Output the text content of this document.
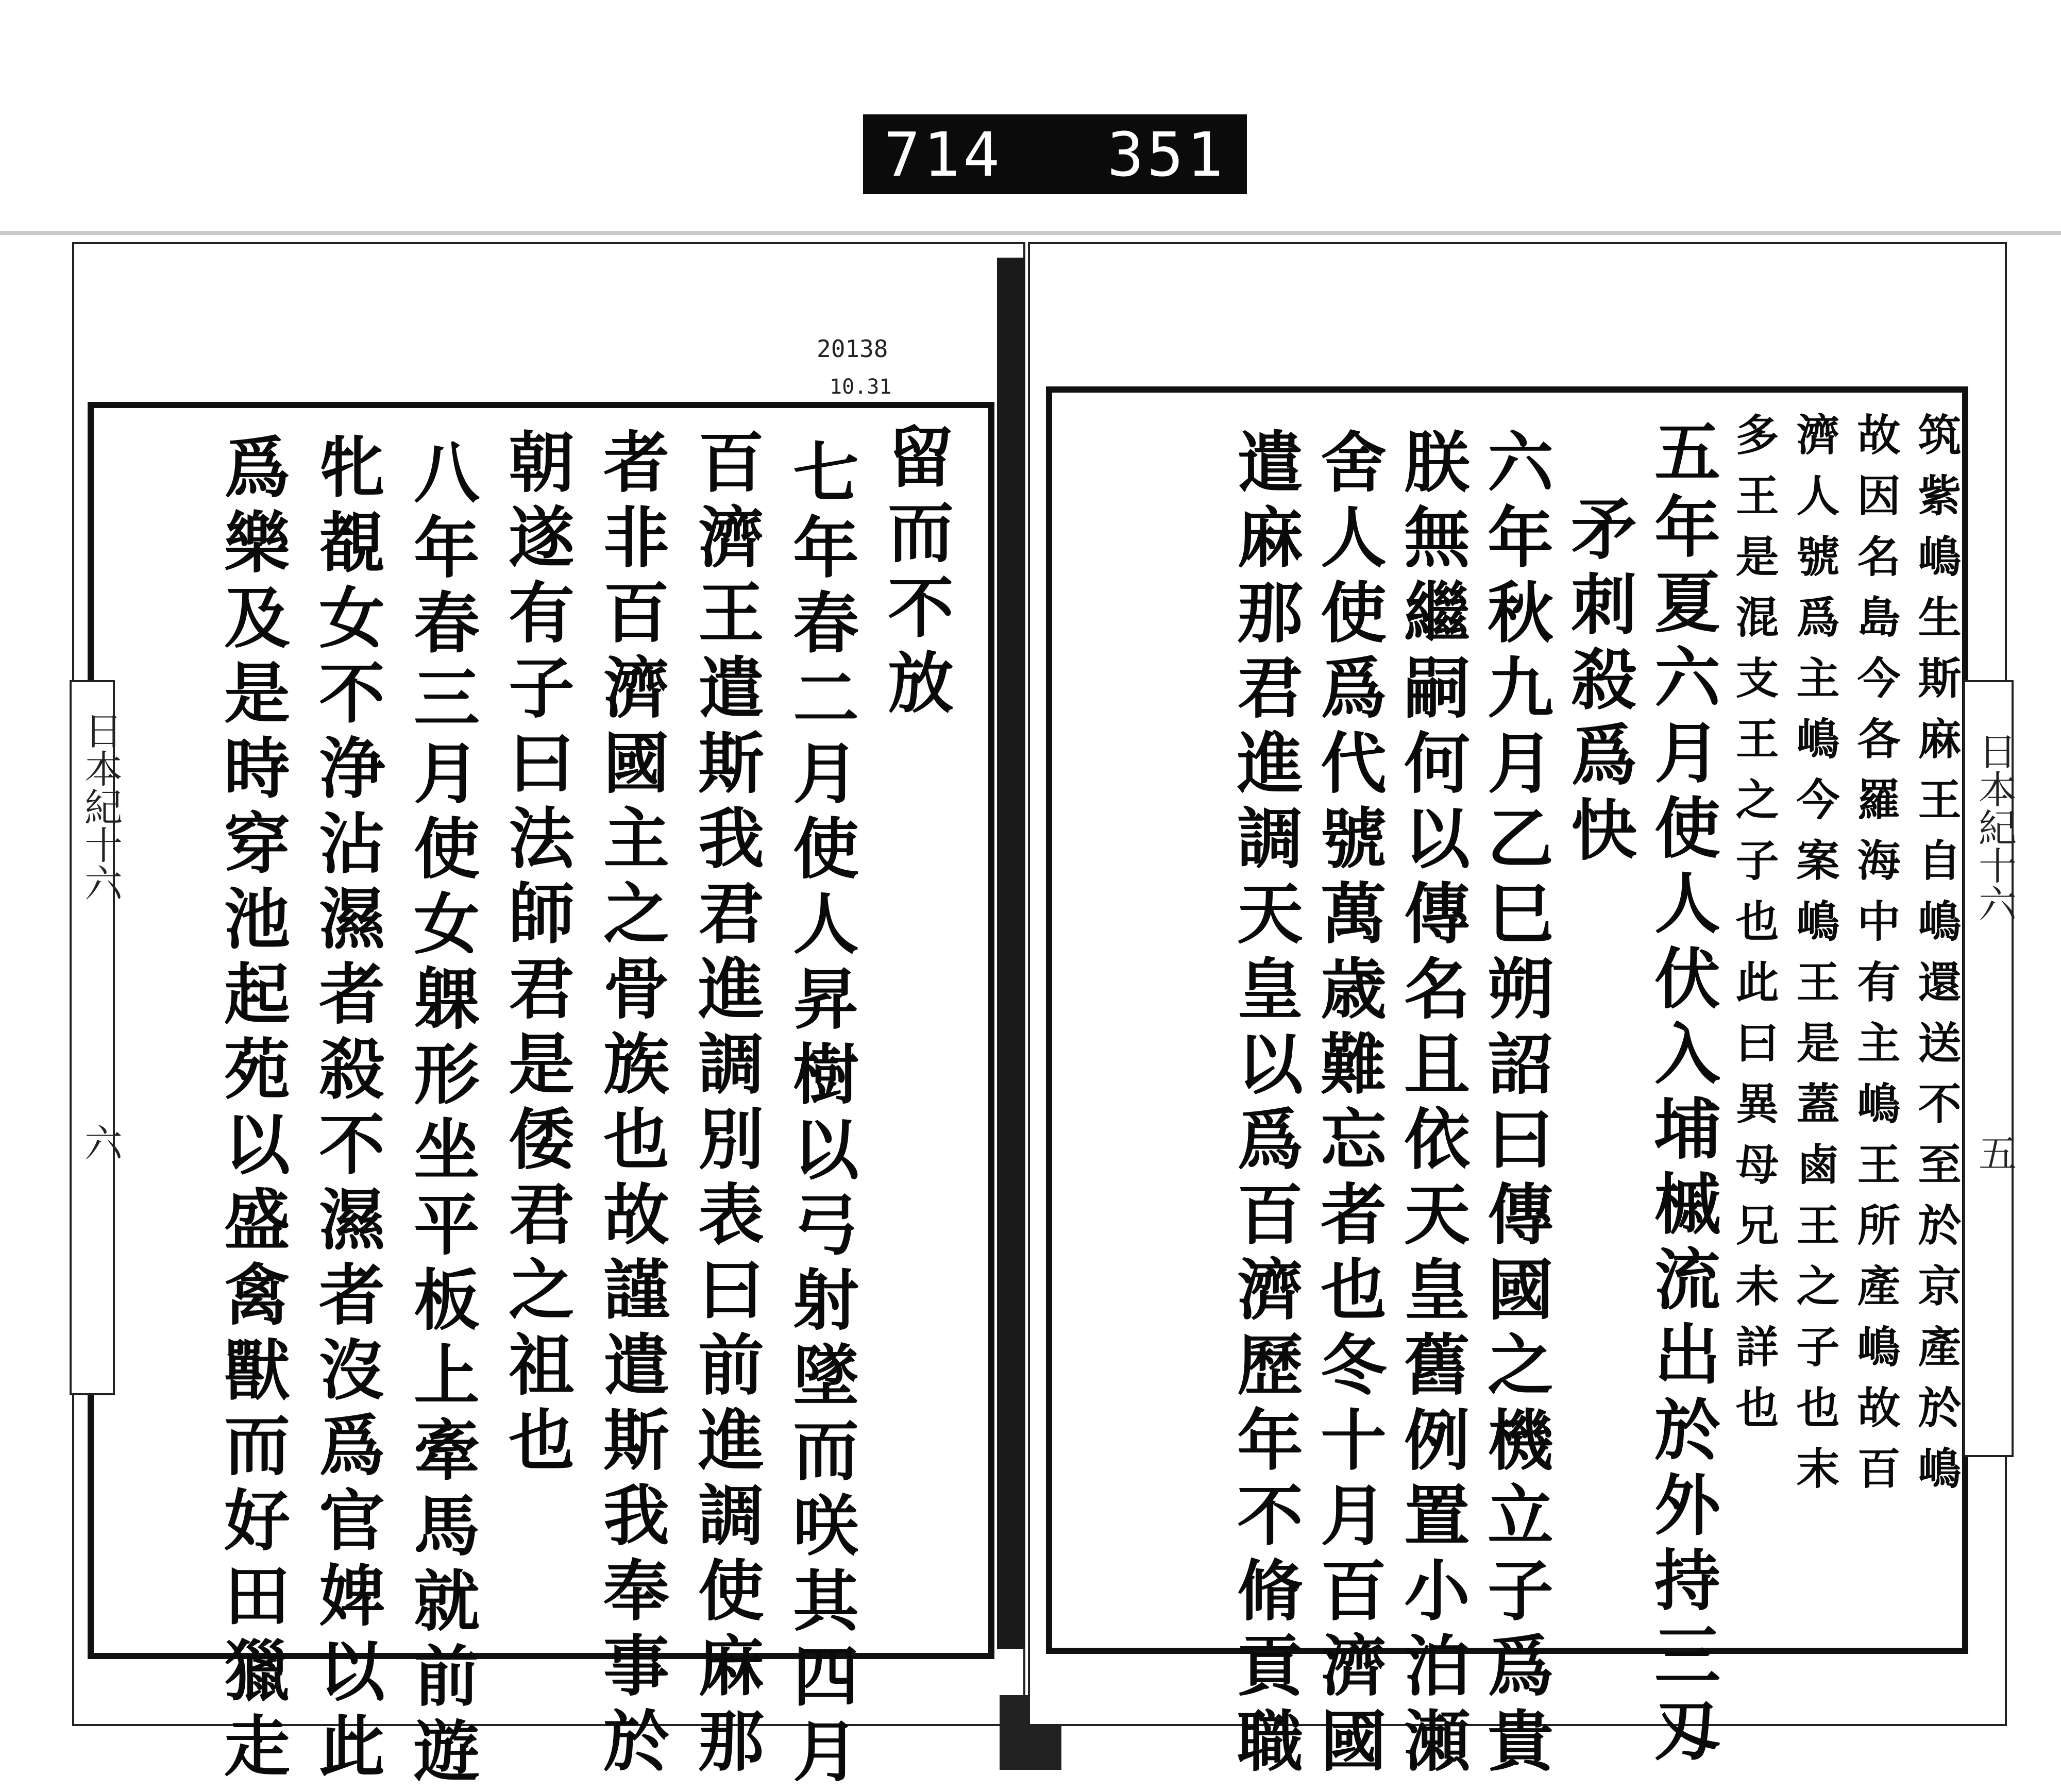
714 351
20138
10.31
日本紀十六
六
留而不放
七年春二月使人昇樹以弓射墜而咲其四月
百濟王遣斯我君進調別表曰前進調使麻那
者非百濟國主之骨族也故謹遣斯我奉事於
朝遂有子曰法師君是倭君之祖也
八年春三月使女躶形坐平板上牽馬就前遊
牝覩女不浄沾濕者殺不濕者沒爲官婢以此
爲樂及是時穿池起苑以盛禽獸而好田獵走	日本紀十六
五
筑紫嶋生斯麻王自嶋還送不至於京產於嶋
故因名島今各羅海中有主嶋王所產嶋故百
濟人號爲主嶋今案嶋王是蓋鹵王之子也末
多王是混支王之子也此曰異母兄未詳也
五年夏六月使人伏入埔槭流出於外持三刄
矛刺殺爲快
六年秋九月乙巳朔詔曰傳國之機立子爲貴
朕無繼嗣何以傳名且依天皇舊例置小泊瀬
舍人使爲代號萬歳難忘者也冬十月百濟國
遣麻那君進調天皇以爲百濟歷年不脩貢職
